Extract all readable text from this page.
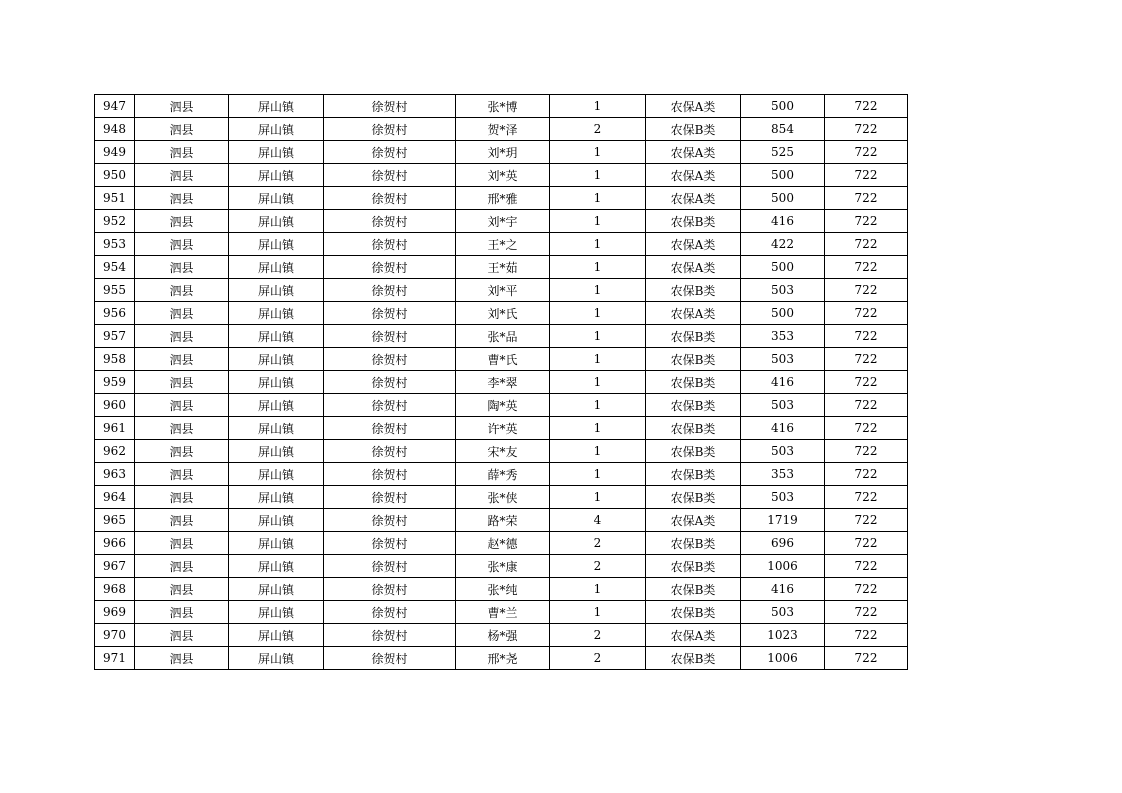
947	泗县	屏山镇	徐贺村	张*博	1	农保A类	500	722
948	泗县	屏山镇	徐贺村	贺*泽	2	农保B类	854	722
949	泗县	屏山镇	徐贺村	刘*玥	1	农保A类	525	722
950	泗县	屏山镇	徐贺村	刘*英	1	农保A类	500	722
951	泗县	屏山镇	徐贺村	邢*雅	1	农保A类	500	722
952	泗县	屏山镇	徐贺村	刘*宇	1	农保B类	416	722
953	泗县	屏山镇	徐贺村	王*之	1	农保A类	422	722
954	泗县	屏山镇	徐贺村	王*茹	1	农保A类	500	722
955	泗县	屏山镇	徐贺村	刘*平	1	农保B类	503	722
956	泗县	屏山镇	徐贺村	刘*氏	1	农保A类	500	722
957	泗县	屏山镇	徐贺村	张*品	1	农保B类	353	722
958	泗县	屏山镇	徐贺村	曹*氏	1	农保B类	503	722
959	泗县	屏山镇	徐贺村	李*翠	1	农保B类	416	722
960	泗县	屏山镇	徐贺村	陶*英	1	农保B类	503	722
961	泗县	屏山镇	徐贺村	许*英	1	农保B类	416	722
962	泗县	屏山镇	徐贺村	宋*友	1	农保B类	503	722
963	泗县	屏山镇	徐贺村	薛*秀	1	农保B类	353	722
964	泗县	屏山镇	徐贺村	张*侠	1	农保B类	503	722
965	泗县	屏山镇	徐贺村	路*荣	4	农保A类	1719	722
966	泗县	屏山镇	徐贺村	赵*德	2	农保B类	696	722
967	泗县	屏山镇	徐贺村	张*康	2	农保B类	1006	722
968	泗县	屏山镇	徐贺村	张*纯	1	农保B类	416	722
969	泗县	屏山镇	徐贺村	曹*兰	1	农保B类	503	722
970	泗县	屏山镇	徐贺村	杨*强	2	农保A类	1023	722
971	泗县	屏山镇	徐贺村	邢*尧	2	农保B类	1006	722
